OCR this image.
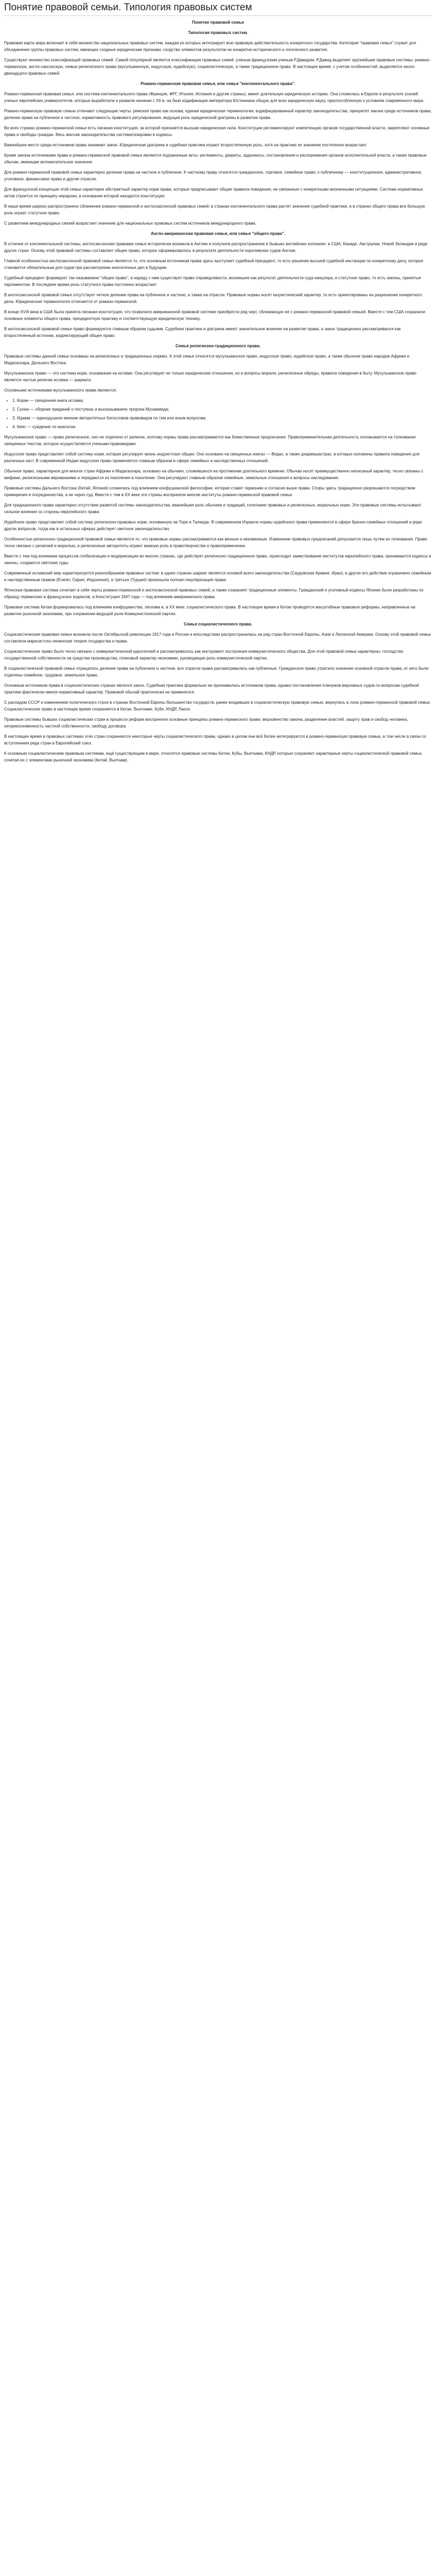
Понятие правовой семьи. Типология правовых систем
Понятие правовой семьи
Типология правовых систем.

Правовая карта мира включает в себя множество национальных правовых систем, каждая из которых интегрирует всю правовую действительность конкретного государства. Категория "правовая семья" служит для объединения группы правовых систем, имеющих сходные юридические признаки, сходство элементов результатом их конкретно-исторического и логического развития.

Существуют множество классификаций правовых семей. Самой популярной является классификация правовых семей, ученым французским ученым Р.Давидом. Р.Давид выделяет крупнейшие правовые системы: романо-германскую, англо-саксонскую, семью религиозного права (мусульманскую, индусскую, иудейскую), социалистическую, а также традиционное право. В настоящее время, с учетом особенностей, выделяется около двенадцати правовых семей.

Романо-германская правовая семья, или семья "континентального права".

Романо-германская правовая семья, или система континентального права (Франция, ФРГ, Италия, Испания и другие страны), имеет длительную юридическую историю. Она сложилась в Европе в результате усилий ученых европейских университетов, которые выработали и развили начиная с XII в. на базе кодификации императора Юстиниана общую для всех юридическую науку, приспособленную к условиям современного мира.

Романо-германскую правовую семью отличают следующие черты: римское право как основа, единая юридическая терминология, кодифицированный характер законодательства, приоритет закона среди источников права, деление права на публичное и частное, нормативность правового регулирования, ведущая роль юридической доктрины в развитии права.

Во всех странах романо-германской семьи есть писаная конституция, за которой признаётся высшая юридическая сила. Конституции регламентируют компетенцию органов государственной власти, закрепляют основные права и свободы граждан. Весь массив законодательства систематизирован в кодексы.

Важнейшее место среди источников права занимает закон. Юридическая доктрина и судебная практика играют второстепенную роль, хотя на практике их значение постепенно возрастает.

Кроме закона источниками права в романо-германской правовой семье являются подзаконные акты: регламенты, декреты, ордонансы, постановления и распоряжения органов исполнительной власти, а также правовые обычаи, имеющие вспомогательное значение.

Для романо-германской правовой семьи характерно деление права на частное и публичное. К частному праву относятся гражданское, торговое, семейное право; к публичному — конституционное, административное, уголовное, финансовое право и другие отрасли.

Для французской концепции этой семьи характерен абстрактный характер норм права, которые предписывают общие правила поведения, не связанные с конкретными жизненными ситуациями. Система нормативных актов строится по принципу иерархии, в основании которой находится конституция.

В наше время широко распространено сближение романо-германской и англосаксонской правовых семей: в странах континентального права растет значение судебной практики, а в странах общего права все большую роль играет статутное право.

С развитием международных связей возрастает значение для национальных правовых систем источников международного права.

Англо-американская правовая семья, или семья "общего права".

В отличие от континентальной системы, англосаксонская правовая семья исторически возникла в Англии и получила распространение в бывших английских колониях: в США, Канаде, Австралии, Новой Зеландии и ряде других стран. Основу этой правовой системы составляет общее право, которое сформировалось в результате деятельности королевских судов Англии.

Главной особенностью англосаксонской правовой семьи является то, что основным источником права здесь выступает судебный прецедент, то есть решение высшей судебной инстанции по конкретному делу, которое становится обязательным для судов при рассмотрении аналогичных дел в будущем.

Судебный прецедент формирует так называемое "общее право", а наряду с ним существует право справедливости, возникшее как результат деятельности суда канцлера, и статутное право, то есть законы, принятые парламентом. В последнее время роль статутного права постоянно возрастает.

В англосаксонской правовой семье отсутствует четкое деление права на публичное и частное, а также на отрасли. Правовые нормы носят казуистический характер, то есть ориентированы на разрешение конкретного дела. Юридическая терминология отличается от романо-германской.

В конце XVIII века в США была принята писаная конституция, что позволило американской правовой системе приобрести ряд черт, сближающих ее с романо-германской правовой семьей. Вместе с тем США сохранили основные элементы общего права, прецедентную практику и соответствующую юридическую технику.

В англосаксонской правовой семье право формируется главным образом судьями. Судебная практика и доктрина имеют значительное влияние на развитие права, а закон традиционно рассматривался как второстепенный источник, корректирующий общее право.

Семья религиозно-традиционного права.

Правовые системы данной семьи основаны на религиозных и традиционных нормах. К этой семье относятся мусульманское право, индусское право, иудейское право, а также обычное право народов Африки и Мадагаскара, Дальнего Востока.

Мусульманское право — это система норм, основанная на исламе. Она регулирует не только юридические отношения, но и вопросы морали, религиозные обряды, правила поведения в быту. Мусульманское право является частью религии ислама — шариата.

Основными источниками мусульманского права являются:

• 1. Коран — священная книга ислама;
• 2. Сунна — сборник преданий о поступках и высказываниях пророка Мухаммеда;
• 3. Иджма — единодушное мнение авторитетных богословов-правоведов по тем или иным вопросам;
• 4. Кияс — суждение по аналогии.

Мусульманское право — право религиозное, оно не отделено от религии, поэтому нормы права рассматриваются как божественные предписания. Правоприменительная деятельность основывается на толковании священных текстов, которое осуществляется учеными-правоведами.

Индусское право представляет собой систему норм, которая регулирует жизнь индуистских общин. Оно основано на священных книгах — Ведах, а также дхармашастрах, в которых изложены правила поведения для различных каст. В современной Индии индусское право применяется главным образом в сфере семейных и наследственных отношений.

Обычное право, характерное для многих стран Африки и Мадагаскара, основано на обычаях, сложившихся на протяжении длительного времени. Обычаи носят преимущественно неписаный характер, тесно связаны с мифами, религиозными верованиями и передаются из поколения в поколение. Они регулируют главным образом семейные, земельные отношения и вопросы наследования.

Правовые системы Дальнего Востока (Китай, Япония) сложились под влиянием конфуцианской философии, которая ставит гармонию и согласие выше права. Споры здесь традиционно разрешаются посредством примирения и посредничества, а не через суд. Вместе с тем в XX веке эти страны восприняли многие институты романо-германской правовой семьи.

Для традиционного права характерно отсутствие развитой системы законодательства, важнейшая роль обычаев и традиций, сочетание правовых и религиозных, моральных норм. Эти правовые системы испытывают сильное влияние со стороны европейского права.

Иудейское право представляет собой систему религиозно-правовых норм, основанную на Торе и Талмуде. В современном Израиле нормы иудейского права применяются в сфере брачно-семейных отношений и ряде других вопросов, тогда как в остальных сферах действует светское законодательство.

Особенностью религиозно-традиционной правовой семьи является то, что правовые нормы рассматриваются как вечные и неизменные. Изменение правовых предписаний допускается лишь путем их толкования. Право тесно связано с религией и моралью, а религиозные авторитеты играют важную роль в правотворчестве и правоприменении.

Вместе с тем под влиянием процессов глобализации и модернизации во многих странах, где действует религиозно-традиционное право, происходит заимствование институтов европейского права, принимаются кодексы и законы, создаются светские суды.

Современный исламский мир характеризуется разнообразием правовых систем: в одних странах шариат является основой всего законодательства (Саудовская Аравия, Иран), в других его действие ограничено семейным и наследственным правом (Египет, Сирия, Индонезия), в третьих (Турция) произошла полная секуляризация права.

Японская правовая система сочетает в себе черты романо-германской и англосаксонской правовых семей, а также сохраняет традиционные элементы. Гражданский и уголовный кодексы Японии были разработаны по образцу германских и французских кодексов, а Конституция 1947 года — под влиянием американского права.

Правовая система Китая формировалась под влиянием конфуцианства, легизма и, в XX веке, социалистического права. В настоящее время в Китае проводятся масштабные правовые реформы, направленные на развитие рыночной экономики, при сохранении ведущей роли Коммунистической партии.

Семья социалистического права.

Социалистическая правовая семья возникла после Октябрьской революции 1917 года в России и впоследствии распространилась на ряд стран Восточной Европы, Азии и Латинской Америки. Основу этой правовой семьи составляла марксистско-ленинская теория государства и права.

Социалистическое право было тесно связано с коммунистической идеологией и рассматривалось как инструмент построения коммунистического общества. Для этой правовой семьи характерны: господство государственной собственности на средства производства, плановый характер экономики, руководящая роль коммунистической партии.

В социалистической правовой семье отрицалось деление права на публичное и частное, все отрасли права рассматривались как публичные. Гражданское право утратило значение основной отрасли права, от него были отделены семейное, трудовое, земельное право.

Основным источником права в социалистических странах являлся закон. Судебная практика формально не признавалась источником права, однако постановления пленумов верховных судов по вопросам судебной практики фактически имели нормативный характер. Правовой обычай практически не применялся.

С распадом СССР и изменением политического строя в странах Восточной Европы большинство государств, ранее входивших в социалистическую правовую семью, вернулись в лоно романо-германской правовой семьи. Социалистическое право в настоящее время сохраняется в Китае, Вьетнаме, Кубе, КНДР, Лаосе.

Правовые системы бывших социалистических стран в процессе реформ восприняли основные принципы романо-германского права: верховенство закона, разделение властей, защиту прав и свобод человека, неприкосновенность частной собственности, свободу договора.

В настоящее время в правовых системах этих стран сохраняются некоторые черты социалистического права, однако в целом они всё более интегрируются в романо-германскую правовую семью, в том числе в связи со вступлением ряда стран в Европейский союз.

К основным социалистическим правовым системам, ещё существующим в мире, относятся правовые системы Китая, Кубы, Вьетнама, КНДР, которые сохраняют характерные черты социалистической правовой семьи, сочетая их с элементами рыночной экономики (Китай, Вьетнам).
